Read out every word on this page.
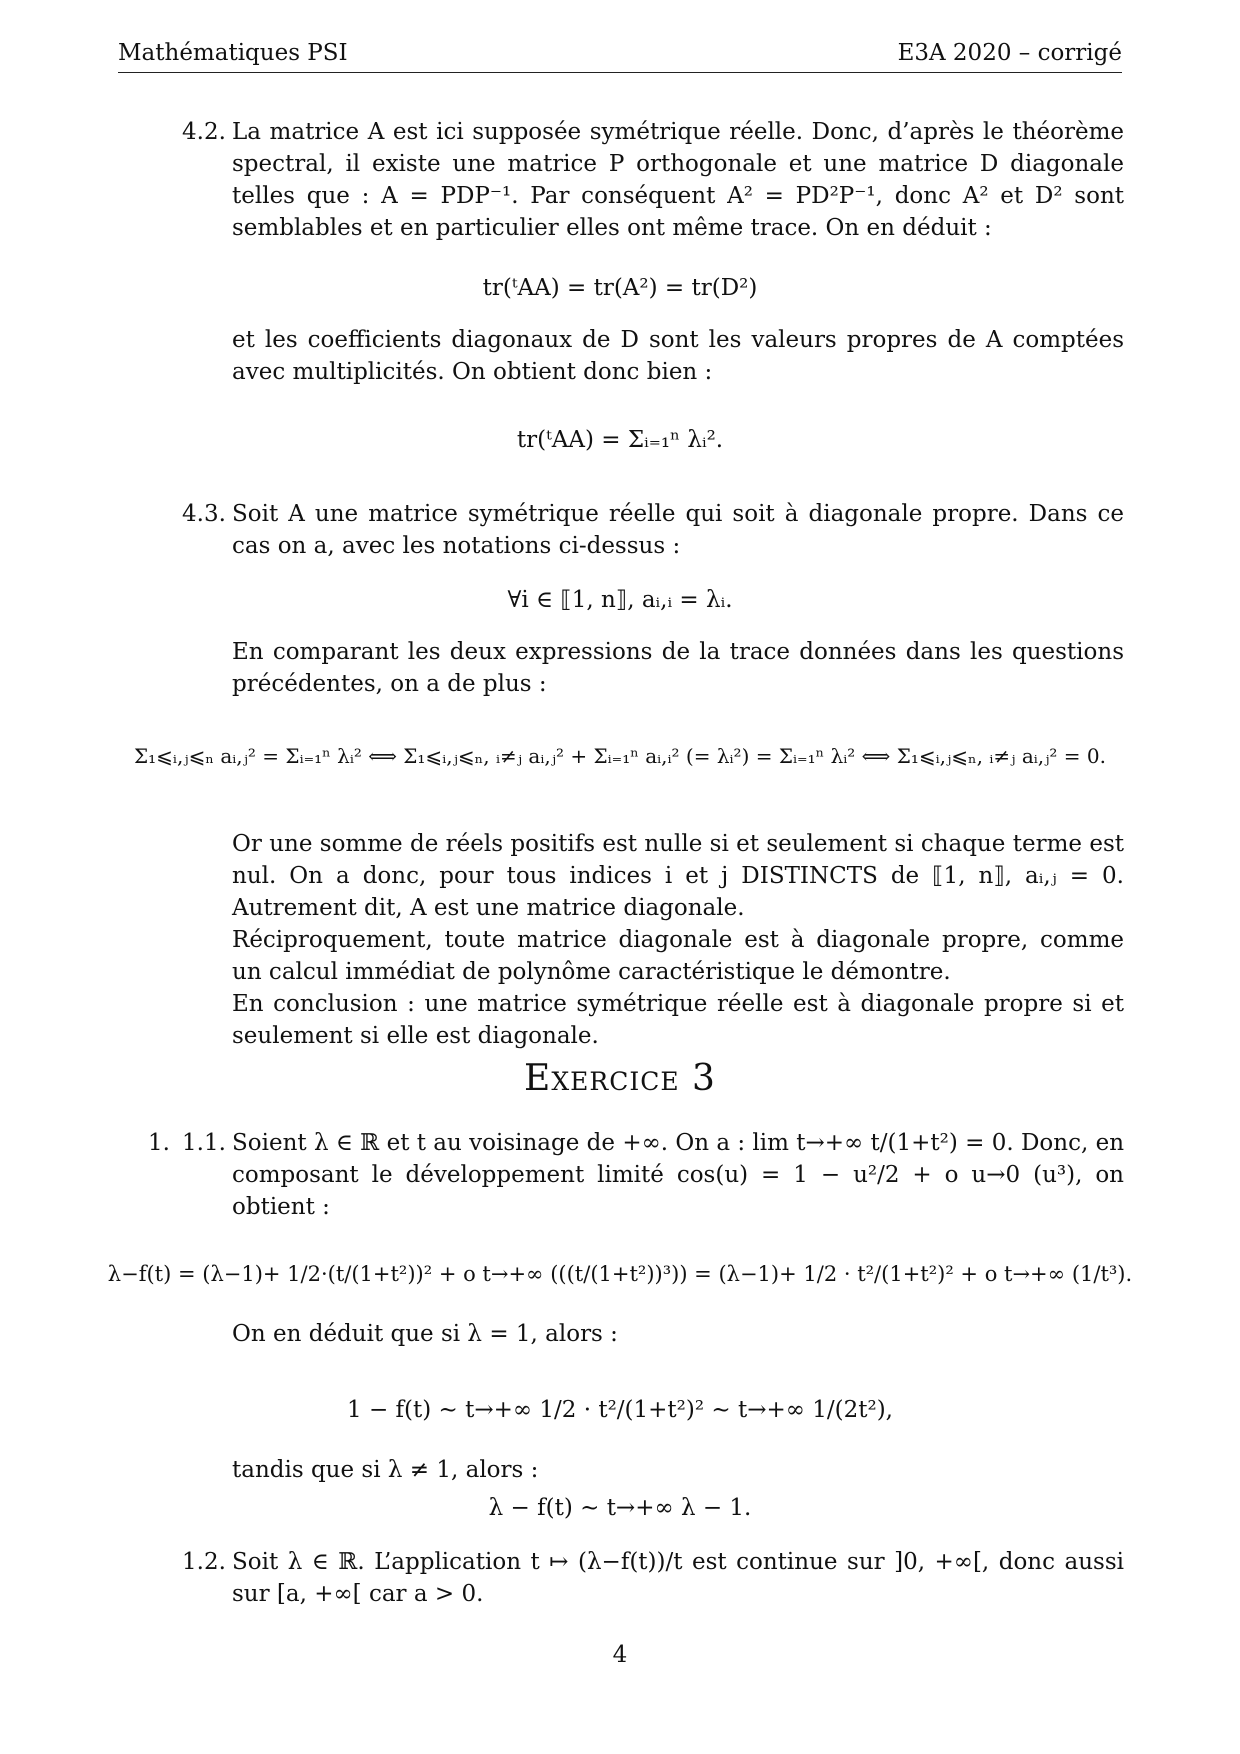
Mathématiques PSI	E3A 2020 – corrigé
4.2. La matrice A est ici supposée symétrique réelle. Donc, d’après le théorème spectral, il existe une matrice P orthogonale et une matrice D diagonale telles que : A = PDP⁻¹. Par conséquent A² = PD²P⁻¹, donc A² et D² sont semblables et en particulier elles ont même trace. On en déduit :
tr(ᵗAA) = tr(A²) = tr(D²)
et les coefficients diagonaux de D sont les valeurs propres de A comptées avec multiplicités. On obtient donc bien :
tr(ᵗAA) = Σᵢ₌₁ⁿ λᵢ².
4.3. Soit A une matrice symétrique réelle qui soit à diagonale propre. Dans ce cas on a, avec les notations ci-dessus :
∀i ∈ ⟦1, n⟧, aᵢ,ᵢ = λᵢ.
En comparant les deux expressions de la trace données dans les questions précédentes, on a de plus :
Σ₁⩽ᵢ,ⱼ⩽ₙ aᵢ,ⱼ² = Σᵢ₌₁ⁿ λᵢ² ⟺ Σ₁⩽ᵢ,ⱼ⩽ₙ, ᵢ≠ⱼ aᵢ,ⱼ² + Σᵢ₌₁ⁿ aᵢ,ᵢ² (= λᵢ²) = Σᵢ₌₁ⁿ λᵢ² ⟺ Σ₁⩽ᵢ,ⱼ⩽ₙ, ᵢ≠ⱼ aᵢ,ⱼ² = 0.
Or une somme de réels positifs est nulle si et seulement si chaque terme est nul. On a donc, pour tous indices i et j DISTINCTS de ⟦1, n⟧, aᵢ,ⱼ = 0. Autrement dit, A est une matrice diagonale.
Réciproquement, toute matrice diagonale est à diagonale propre, comme un calcul immédiat de polynôme caractéristique le démontre.
En conclusion : une matrice symétrique réelle est à diagonale propre si et seulement si elle est diagonale.
Exercice 3
1. 1.1. Soient λ ∈ ℝ et t au voisinage de +∞. On a : lim t→+∞ t/(1+t²) = 0. Donc, en composant le développement limité cos(u) = 1 − u²/2 + o u→0 (u³), on obtient :
λ−f(t) = (λ−1)+ 1/2·(t/(1+t²))² + o t→+∞ (((t/(1+t²))³)) = (λ−1)+ 1/2 · t²/(1+t²)² + o t→+∞ (1/t³).
On en déduit que si λ = 1, alors :
1 − f(t) ∼ t→+∞ 1/2 · t²/(1+t²)² ∼ t→+∞ 1/(2t²),
tandis que si λ ≠ 1, alors :
λ − f(t) ∼ t→+∞ λ − 1.
1.2. Soit λ ∈ ℝ. L’application t ↦ (λ−f(t))/t est continue sur ]0, +∞[, donc aussi sur [a, +∞[ car a > 0.
4
